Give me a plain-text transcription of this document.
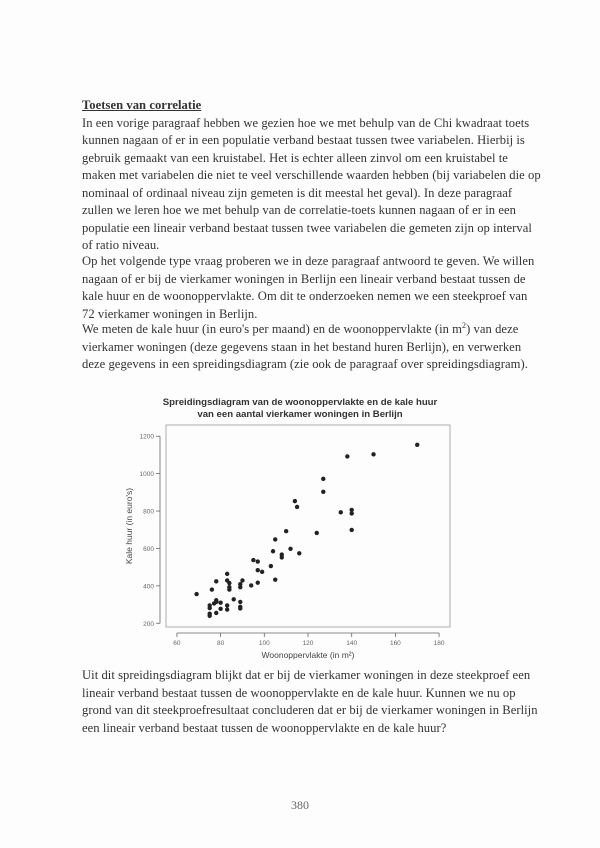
Toetsen van correlatie
In een vorige paragraaf hebben we gezien hoe we met behulp van de Chi kwadraat toets kunnen nagaan of er in een populatie verband bestaat tussen twee variabelen. Hierbij is gebruik gemaakt van een kruistabel. Het is echter alleen zinvol om een kruistabel te maken met variabelen die niet te veel verschillende waarden hebben (bij variabelen die op nominaal of ordinaal niveau zijn gemeten is dit meestal het geval). In deze paragraaf zullen we leren hoe we met behulp van de correlatie-toets kunnen nagaan of er in een populatie een lineair verband bestaat tussen twee variabelen die gemeten zijn op interval of ratio niveau.
Op het volgende type vraag proberen we in deze paragraaf antwoord te geven. We willen nagaan of er bij de vierkamer woningen in Berlijn een lineair verband bestaat tussen de kale huur en de woonoppervlakte. Om dit te onderzoeken nemen we een steekproef van 72 vierkamer woningen in Berlijn.
We meten de kale huur (in euro's per maand) en de woonoppervlakte (in $m^2$) van deze vierkamer woningen (deze gegevens staan in het bestand huren Berlijn), en verwerken deze gegevens in een spreidingsdiagram (zie ook de paragraaf over spreidingsdiagram).
Spreidingsdiagram van de woonoppervlakte en de kale huur
van een aantal vierkamer woningen in Berlijn
200
400
600
800
1000
1200
60	80	100	120	140	160	180
Woonoppervlakte (in m²)
Kale huur (in euro's)
Uit dit spreidingsdiagram blijkt dat er bij de vierkamer woningen in deze steekproef een lineair verband bestaat tussen de woonoppervlakte en de kale huur. Kunnen we nu op grond van dit steekproefresultaat concluderen dat er bij de vierkamer woningen in Berlijn een lineair verband bestaat tussen de woonoppervlakte en de kale huur?
380
